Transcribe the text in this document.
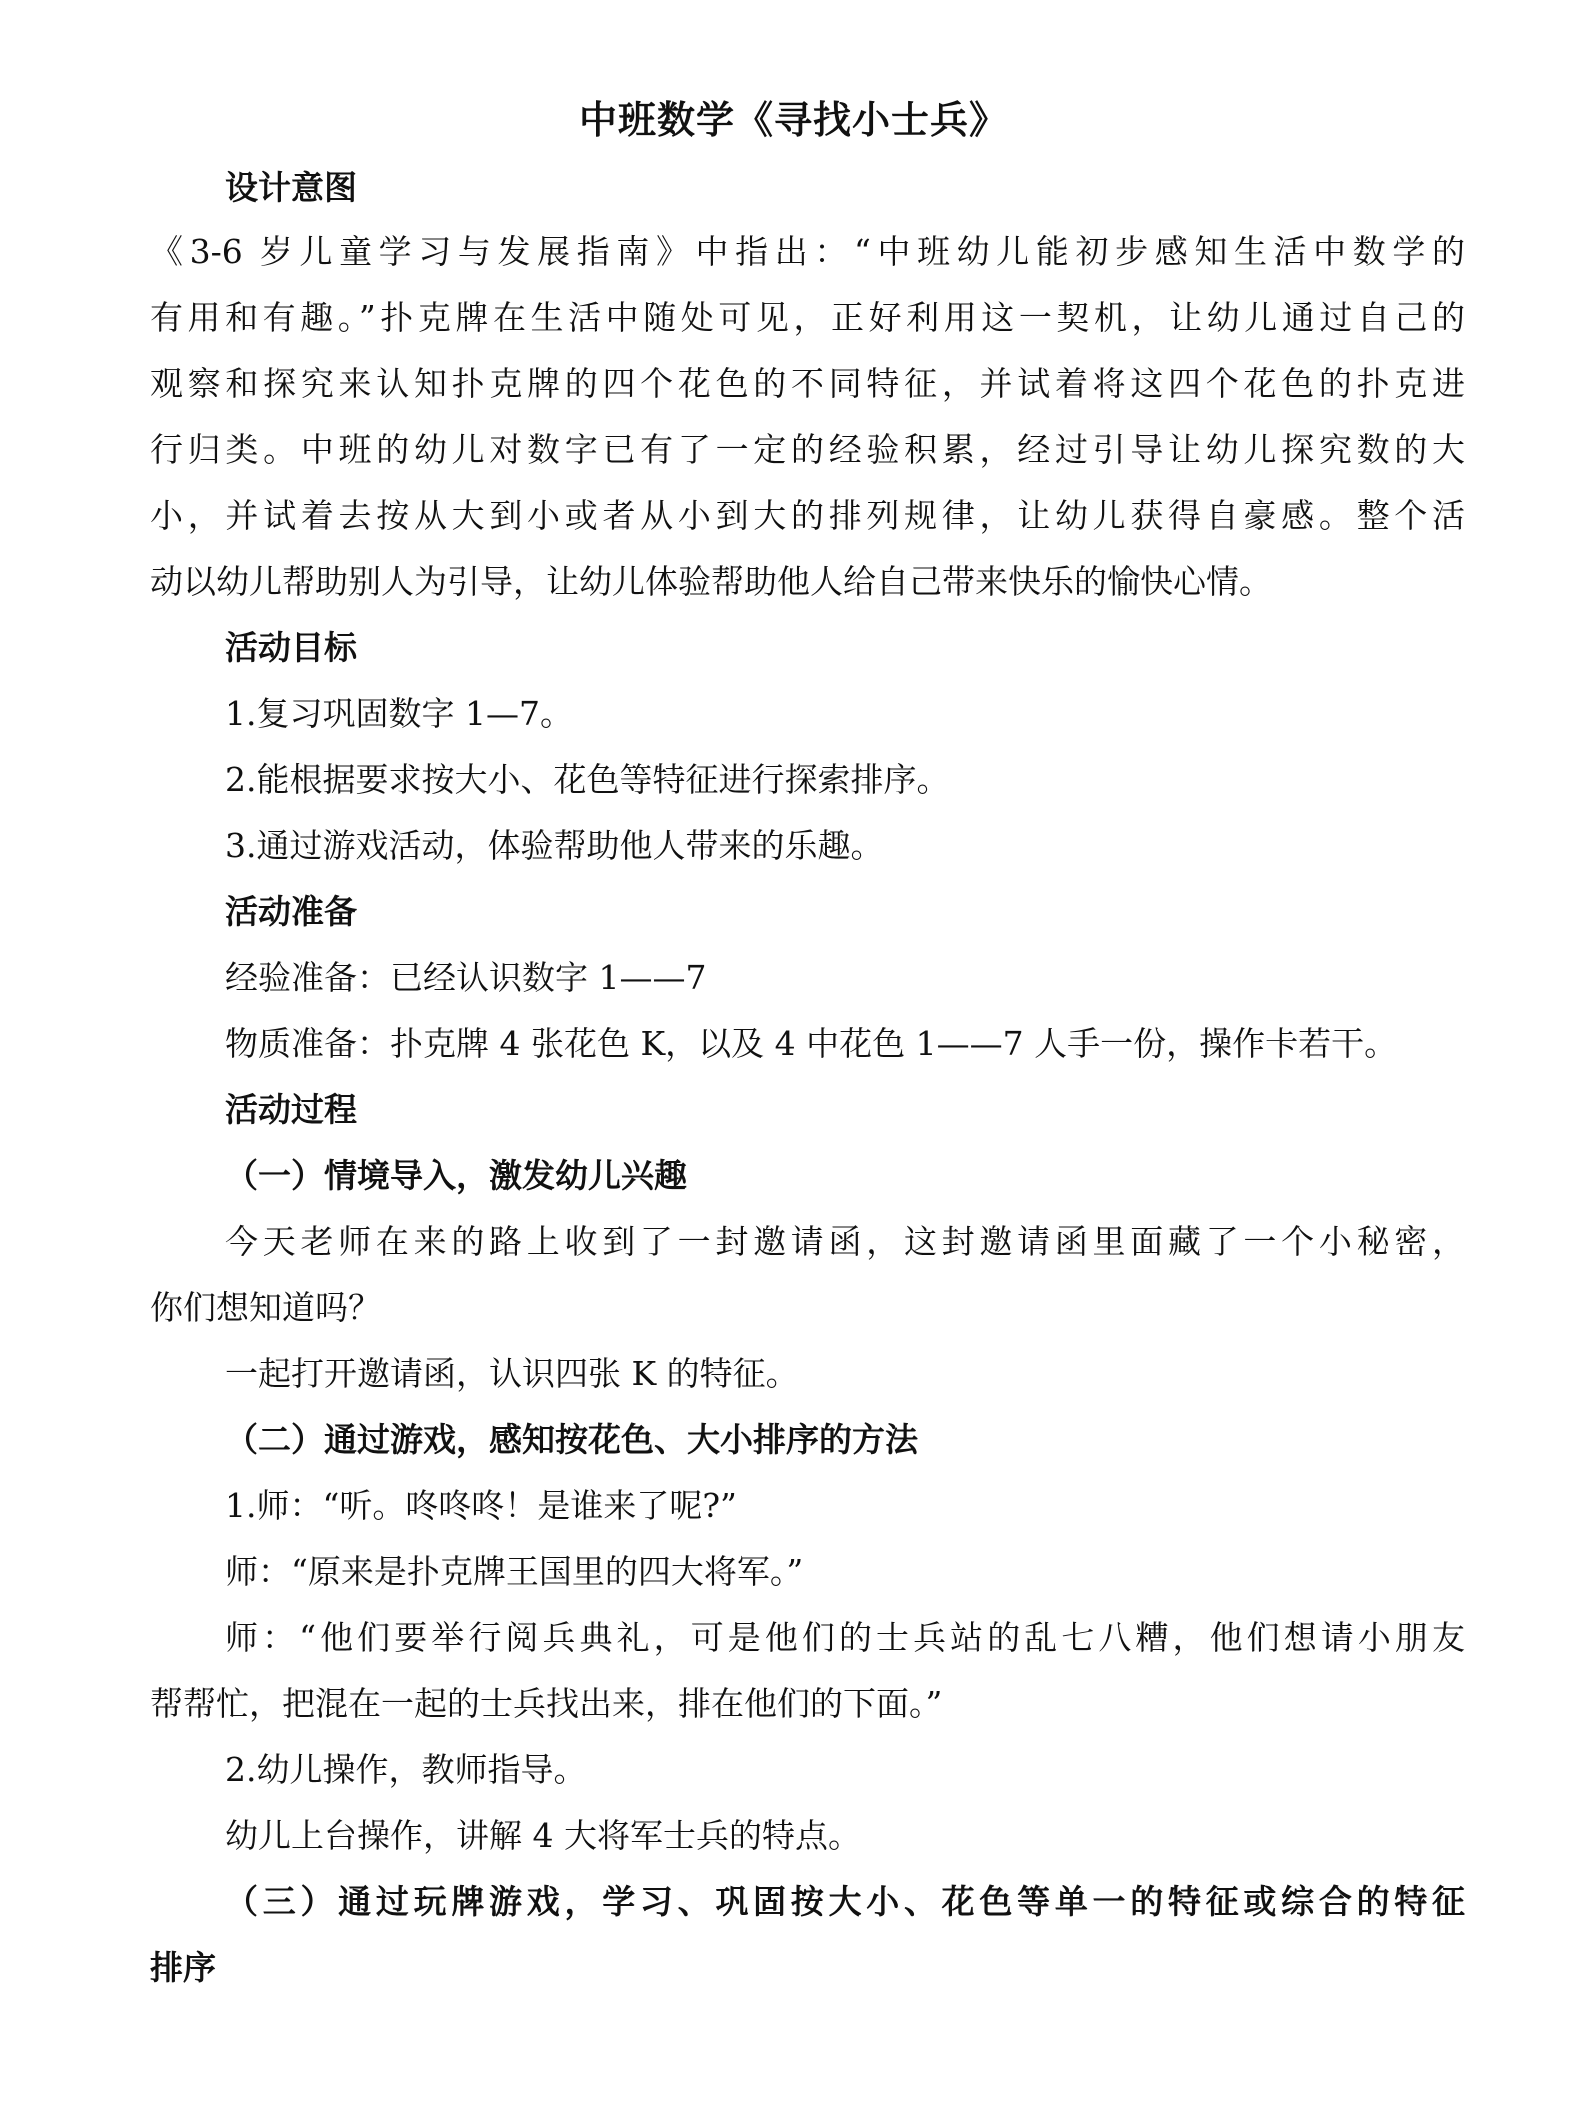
中班数学《寻找小士兵》
设计意图
《3-6 岁儿童学习与发展指南》中指出：“中班幼儿能初步感知生活中数学的
有用和有趣。”扑克牌在生活中随处可见，正好利用这一契机，让幼儿通过自己的
观察和探究来认知扑克牌的四个花色的不同特征，并试着将这四个花色的扑克进
行归类。中班的幼儿对数字已有了一定的经验积累，经过引导让幼儿探究数的大
小，并试着去按从大到小或者从小到大的排列规律，让幼儿获得自豪感。整个活
动以幼儿帮助别人为引导，让幼儿体验帮助他人给自己带来快乐的愉快心情。
活动目标
1.复习巩固数字 1—7。
2.能根据要求按大小、花色等特征进行探索排序。
3.通过游戏活动，体验帮助他人带来的乐趣。
活动准备
经验准备：已经认识数字 1——7
物质准备：扑克牌 4 张花色 K，以及 4 中花色 1——7 人手一份，操作卡若干。
活动过程
（一）情境导入，激发幼儿兴趣
今天老师在来的路上收到了一封邀请函，这封邀请函里面藏了一个小秘密，
你们想知道吗？
一起打开邀请函，认识四张 K 的特征。
（二）通过游戏，感知按花色、大小排序的方法
1.师：“听。咚咚咚！是谁来了呢?”
师：“原来是扑克牌王国里的四大将军。”
师：“他们要举行阅兵典礼，可是他们的士兵站的乱七八糟，他们想请小朋友
帮帮忙，把混在一起的士兵找出来，排在他们的下面。”
2.幼儿操作，教师指导。
幼儿上台操作，讲解 4 大将军士兵的特点。
（三）通过玩牌游戏，学习、巩固按大小、花色等单一的特征或综合的特征
排序
